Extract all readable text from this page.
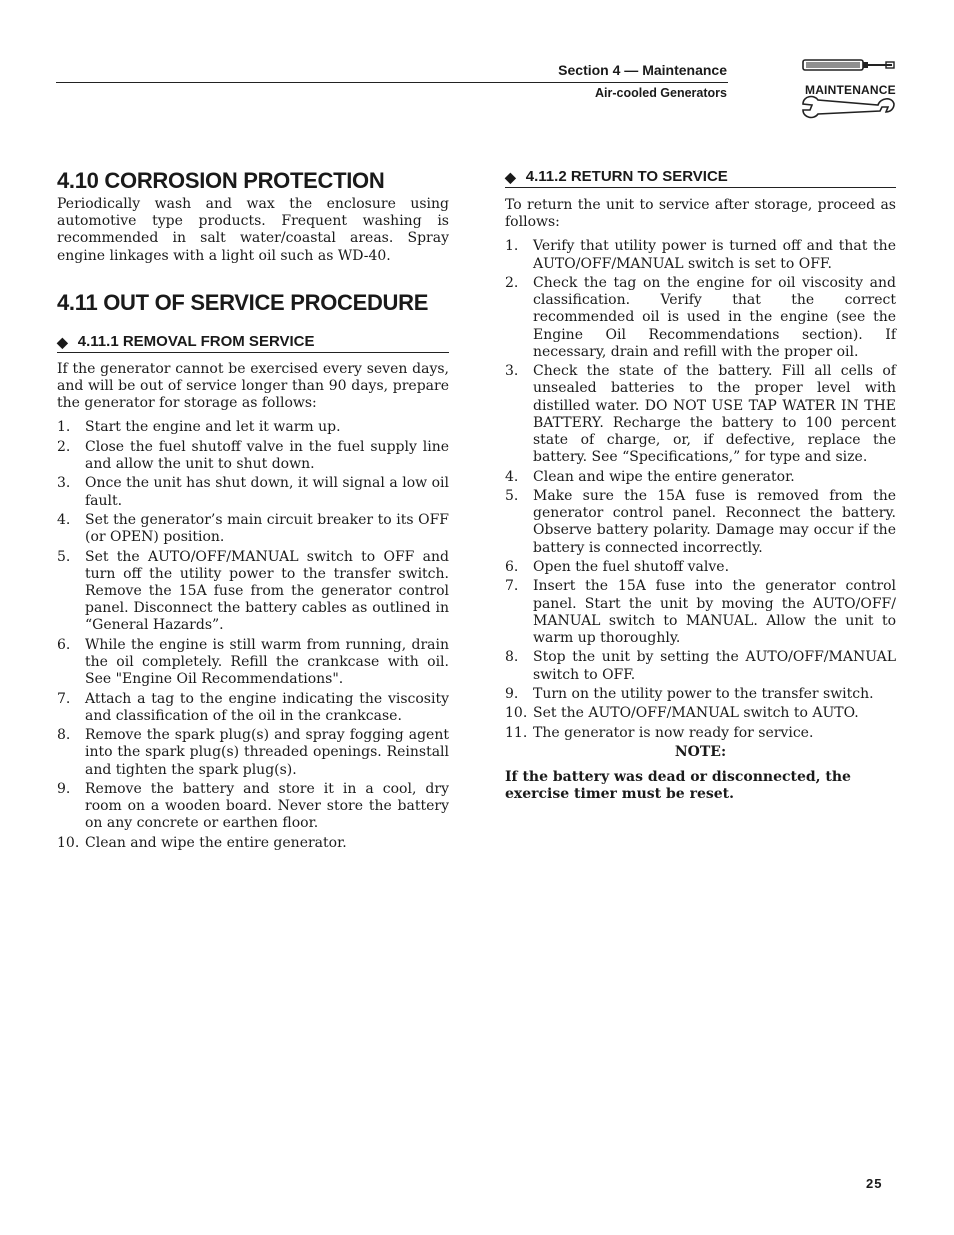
Section 4 — Maintenance
Air-cooled Generators	MAINTENANCE
4.10 CORROSION PROTECTION

Periodically wash and wax the enclosure using automotive type products. Frequent washing is recommended in salt water/coastal areas. Spray engine linkages with a light oil such as WD-40.

4.11 OUT OF SERVICE PROCEDURE
◆ 4.11.1 REMOVAL FROM SERVICE

If the generator cannot be exercised every seven days, and will be out of service longer than 90 days, prepare the generator for storage as follows:

1.	Start the engine and let it warm up.
2.	Close the fuel shutoff valve in the fuel supply line and allow the unit to shut down.
3.	Once the unit has shut down, it will signal a low oil fault.
4.	Set the generator’s main circuit breaker to its OFF (or OPEN) position.
5.	Set the AUTO/OFF/MANUAL switch to OFF and turn off the utility power to the transfer switch. Remove the 15A fuse from the generator control panel. Disconnect the battery cables as outlined in “General Hazards”.
6.	While the engine is still warm from running, drain the oil completely. Refill the crankcase with oil. See "Engine Oil Recommendations".
7.	Attach a tag to the engine indicating the viscosity and classification of the oil in the crankcase.
8.	Remove the spark plug(s) and spray fogging agent into the spark plug(s) threaded openings. Reinstall and tighten the spark plug(s).
9.	Remove the battery and store it in a cool, dry room on a wooden board. Never store the battery on any concrete or earthen floor.
10. Clean and wipe the entire generator.
◆ 4.11.2 RETURN TO SERVICE

To return the unit to service after storage, proceed as follows:

1.	Verify that utility power is turned off and that the AUTO/OFF/MANUAL switch is set to OFF.
2.	Check the tag on the engine for oil viscosity and classification. Verify that the correct recommended oil is used in the engine (see the Engine Oil Recommendations section). If necessary, drain and refill with the proper oil.
3.	Check the state of the battery. Fill all cells of unsealed batteries to the proper level with distilled water. DO NOT USE TAP WATER IN THE BATTERY. Recharge the battery to 100 percent state of charge, or, if defective, replace the battery. See “Specifications,” for type and size.
4.	Clean and wipe the entire generator.
5.	Make sure the 15A fuse is removed from the generator control panel. Reconnect the battery. Observe battery polarity. Damage may occur if the battery is connected incorrectly.
6.	Open the fuel shutoff valve.
7.	Insert the 15A fuse into the generator control panel. Start the unit by moving the AUTO/OFF/ MANUAL switch to MANUAL. Allow the unit to warm up thoroughly.
8.	Stop the unit by setting the AUTO/OFF/MANUAL switch to OFF.
9.	Turn on the utility power to the transfer switch.
10. Set the AUTO/OFF/MANUAL switch to AUTO.
11. The generator is now ready for service.
NOTE:
If the battery was dead or disconnected, the exercise timer must be reset.
25
